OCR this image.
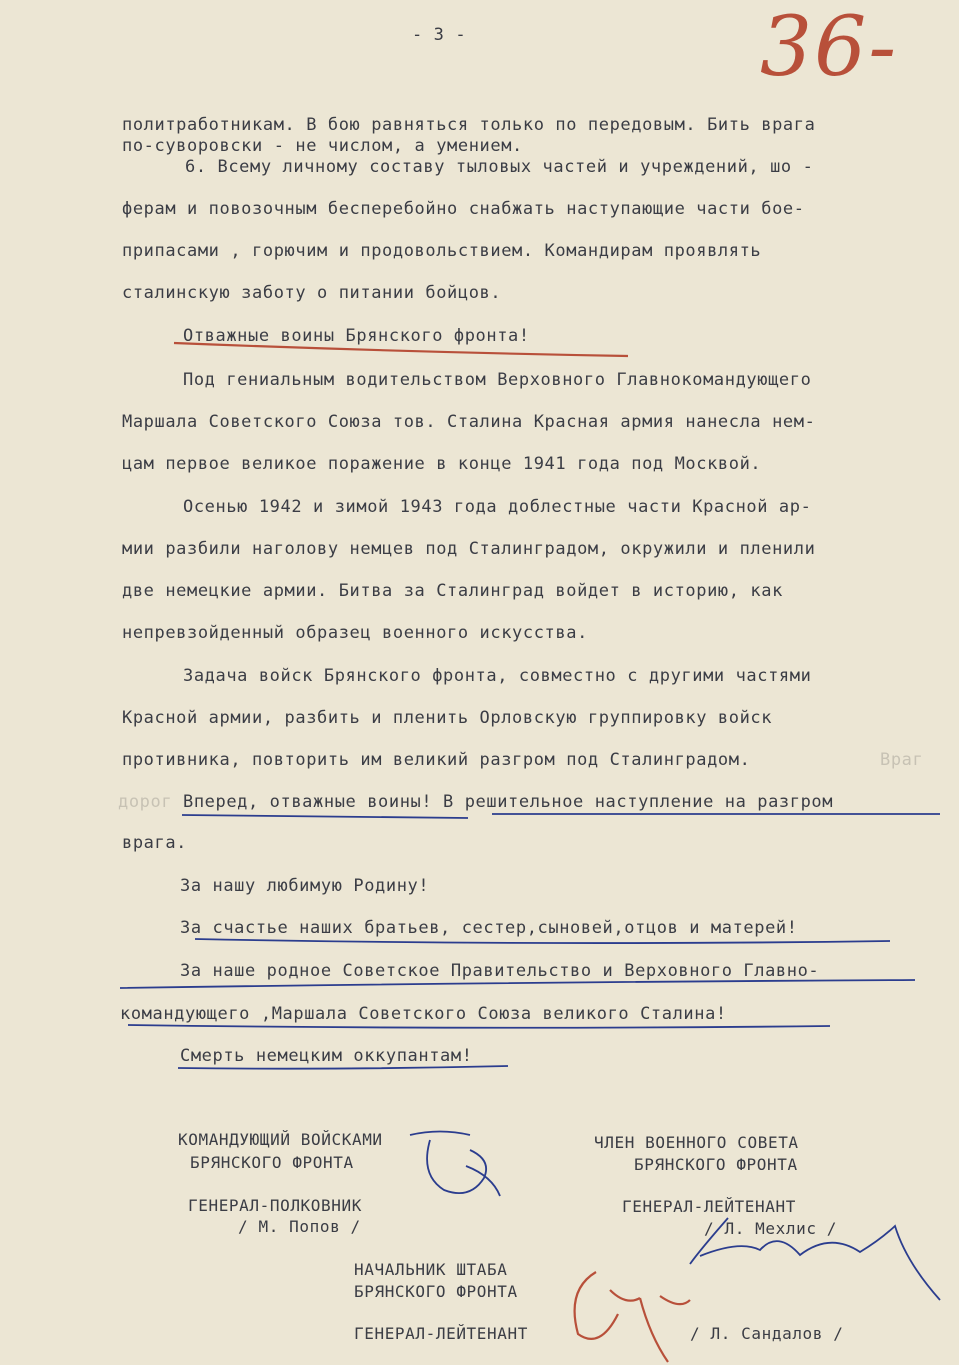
- 3 -	36-
политработникам. В бою равняться только по передовым. Бить врага
по-суворовски - не числом, а умением.
6. Всему личному составу тыловых частей и учреждений, шо -
ферам и повозочным бесперебойно снабжать наступающие части бое-
припасами , горючим и продовольствием. Командирам проявлять
сталинскую заботу о питании бойцов.
Отважные воины Брянского фронта!
Под гениальным водительством Верховного Главнокомандующего
Маршала Советского Союза тов. Сталина Красная армия нанесла нем-
цам первое великое поражение в конце 1941 года под Москвой.
Осенью 1942 и зимой 1943 года доблестные части Красной ар-
мии разбили наголову немцев под Сталинградом, окружили и пленили
две немецкие армии. Битва за Сталинград войдет в историю, как
непревзойденный образец военного искусства.
Задача войск Брянского фронта, совместно с другими частями
Красной армии, разбить и пленить Орловскую группировку войск
противника, повторить им великий разгром под Сталинградом.	Враг
дорог Вперед, отважные воины! В решительное наступление на разгром
врага.
За нашу любимую Родину!
За счастье наших братьев, сестер,сыновей,отцов и матерей!
За наше родное Советское Правительство и Верховного Главно-
командующего ,Маршала Советского Союза великого Сталина!
Смерть немецким оккупантам!
КОМАНДУЮЩИЙ ВОЙСКАМИ
БРЯНСКОГО ФРОНТА
ГЕНЕРАЛ-ПОЛКОВНИК
/ М. Попов /
ЧЛЕН ВОЕННОГО СОВЕТА
БРЯНСКОГО ФРОНТА
ГЕНЕРАЛ-ЛЕЙТЕНАНТ
/ Л. Мехлис /
НАЧАЛЬНИК ШТАБА
БРЯНСКОГО ФРОНТА
ГЕНЕРАЛ-ЛЕЙТЕНАНТ	/ Л. Сандалов /
